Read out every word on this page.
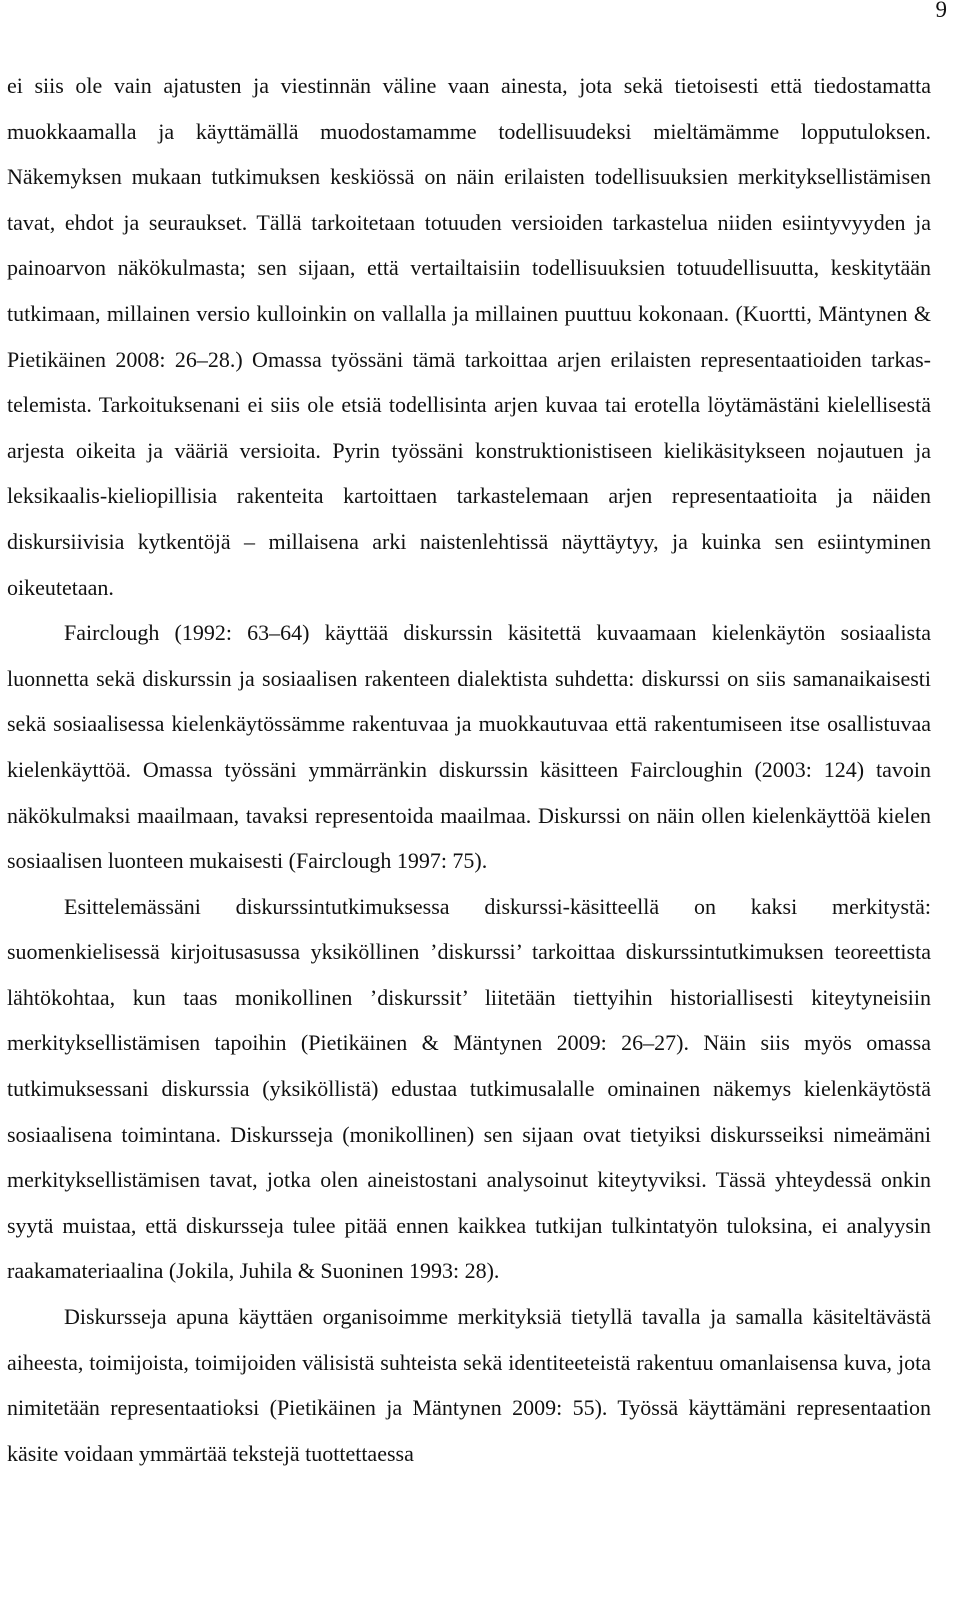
9

ei siis ole vain ajatusten ja viestinnän väline vaan ainesta, jota sekä tietoisesti että tiedostamatta muokkaamalla ja käyttämällä muodostamamme todellisuudeksi mieltämämme lopputuloksen. Näkemyksen mukaan tutkimuksen keskiössä on näin erilaisten todellisuuksien merkityksellistämisen tavat, ehdot ja seuraukset. Tällä tarkoitetaan totuuden versioiden tarkastelua niiden esiintyvyyden ja painoarvon näkökulmasta; sen sijaan, että vertailtaisiin todellisuuksien totuudellisuutta, keskitytään tutkimaan, millainen versio kulloinkin on vallalla ja millainen puuttuu kokonaan. (Kuortti, Mäntynen & Pietikäinen 2008: 26–28.) Omassa työssäni tämä tarkoittaa arjen erilaisten representaatioiden tarkastelemista. Tarkoituksenani ei siis ole etsiä todellisinta arjen kuvaa tai erotella löytämästäni kielellisestä arjesta oikeita ja vääriä versioita. Pyrin työssäni konstruktionistiseen kielikäsitykseen nojautuen ja leksikaalis-kieliopillisia rakenteita kartoittaen tarkastelemaan arjen representaatioita ja näiden diskursiivisia kytkentöjä – millaisena arki naistenlehtissä näyttäytyy, ja kuinka sen esiintyminen oikeutetaan.

Fairclough (1992: 63–64) käyttää diskurssin käsitettä kuvaamaan kielenkäytön sosiaalista luonnetta sekä diskurssin ja sosiaalisen rakenteen dialektista suhdetta: diskurssi on siis samanaikaisesti sekä sosiaalisessa kielenkäytössämme rakentuvaa ja muokkautuvaa että rakentumiseen itse osallistuvaa kielenkäyttöä. Omassa työssäni ymmärränkin diskurssin käsitteen Faircloughin (2003: 124) tavoin näkökulmaksi maailmaan, tavaksi representoida maailmaa. Diskurssi on näin ollen kielenkäyttöä kielen sosiaalisen luonteen mukaisesti (Fairclough 1997: 75).

Esittelemässäni diskurssintutkimuksessa diskurssi-käsitteellä on kaksi merkitystä: suomenkielisessä kirjoitusasussa yksiköllinen ’diskurssi’ tarkoittaa diskurssintutkimuksen teoreettista lähtökohtaa, kun taas monikollinen ’diskurssit’ liitetään tiettyihin historiallisesti kiteytyneisiin merkityksellistämisen tapoihin (Pietikäinen & Mäntynen 2009: 26–27). Näin siis myös omassa tutkimuksessani diskurssia (yksiköllistä) edustaa tutkimusalalle ominainen näkemys kielenkäytöstä sosiaalisena toimintana. Diskursseja (monikollinen) sen sijaan ovat tietyiksi diskursseiksi nimeämäni merkityksellistämisen tavat, jotka olen aineistostani analysoinut kiteytyviksi. Tässä yhteydessä onkin syytä muistaa, että diskursseja tulee pitää ennen kaikkea tutkijan tulkintatyön tuloksina, ei analyysin raakamateriaalina (Jokila, Juhila & Suoninen 1993: 28).

Diskursseja apuna käyttäen organisoimme merkityksiä tietyllä tavalla ja samalla käsiteltävästä aiheesta, toimijoista, toimijoiden välisistä suhteista sekä identiteeteistä rakentuu omanlaisensa kuva, jota nimitetään representaatioksi (Pietikäinen ja Mäntynen 2009: 55). Työssä käyttämäni representaation käsite voidaan ymmärtää tekstejä tuottettaessa
